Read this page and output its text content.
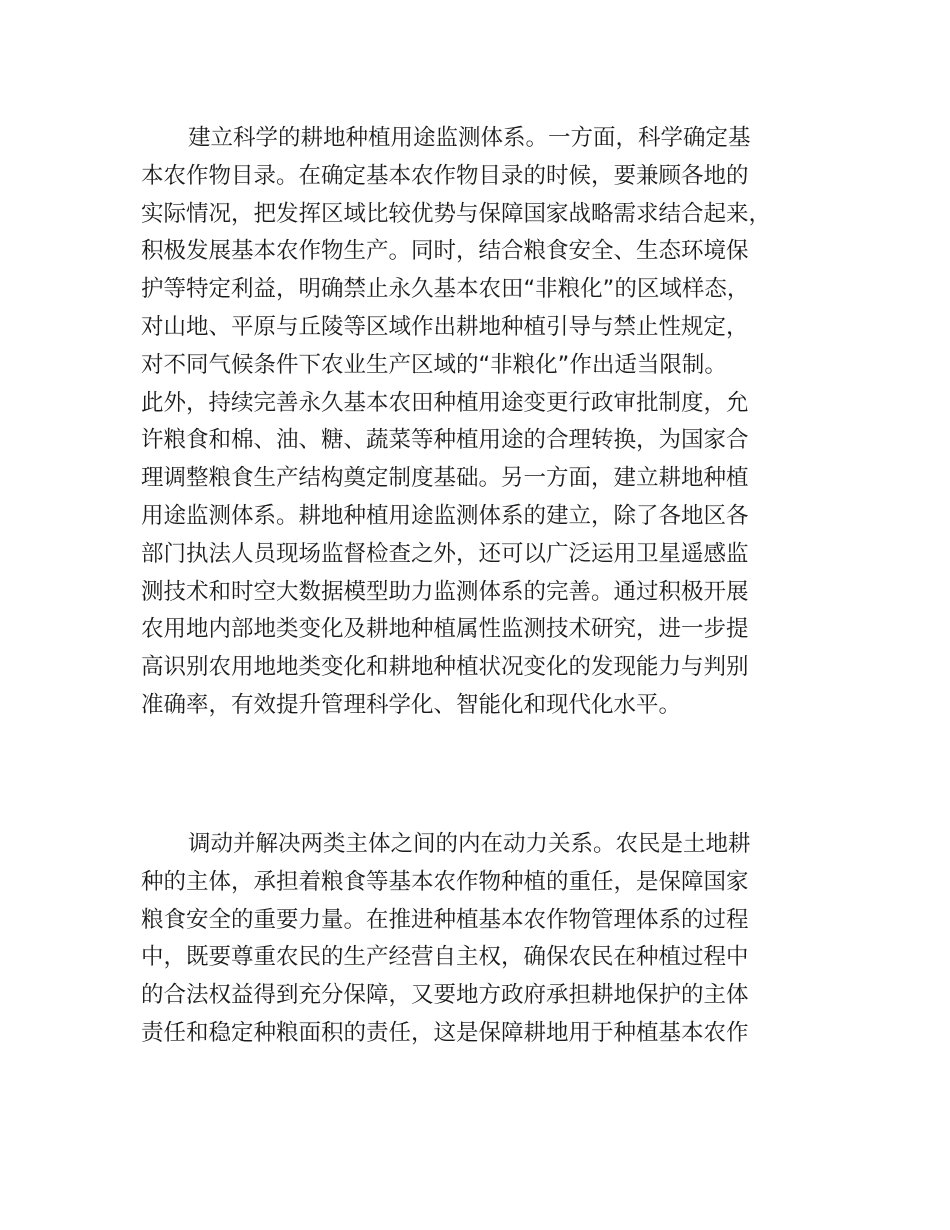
建立科学的耕地种植用途监测体系。一方面，科学确定基
本农作物目录。在确定基本农作物目录的时候，要兼顾各地的
实际情况，把发挥区域比较优势与保障国家战略需求结合起来，
积极发展基本农作物生产。同时，结合粮食安全、生态环境保
护等特定利益，明确禁止永久基本农田“非粮化”的区域样态，
对山地、平原与丘陵等区域作出耕地种植引导与禁止性规定，
对不同气候条件下农业生产区域的“非粮化”作出适当限制。
此外，持续完善永久基本农田种植用途变更行政审批制度，允
许粮食和棉、油、糖、蔬菜等种植用途的合理转换，为国家合
理调整粮食生产结构奠定制度基础。另一方面，建立耕地种植
用途监测体系。耕地种植用途监测体系的建立，除了各地区各
部门执法人员现场监督检查之外，还可以广泛运用卫星遥感监
测技术和时空大数据模型助力监测体系的完善。通过积极开展
农用地内部地类变化及耕地种植属性监测技术研究，进一步提
高识别农用地地类变化和耕地种植状况变化的发现能力与判别
准确率，有效提升管理科学化、智能化和现代化水平。
调动并解决两类主体之间的内在动力关系。农民是土地耕
种的主体，承担着粮食等基本农作物种植的重任，是保障国家
粮食安全的重要力量。在推进种植基本农作物管理体系的过程
中，既要尊重农民的生产经营自主权，确保农民在种植过程中
的合法权益得到充分保障，又要地方政府承担耕地保护的主体
责任和稳定种粮面积的责任，这是保障耕地用于种植基本农作
